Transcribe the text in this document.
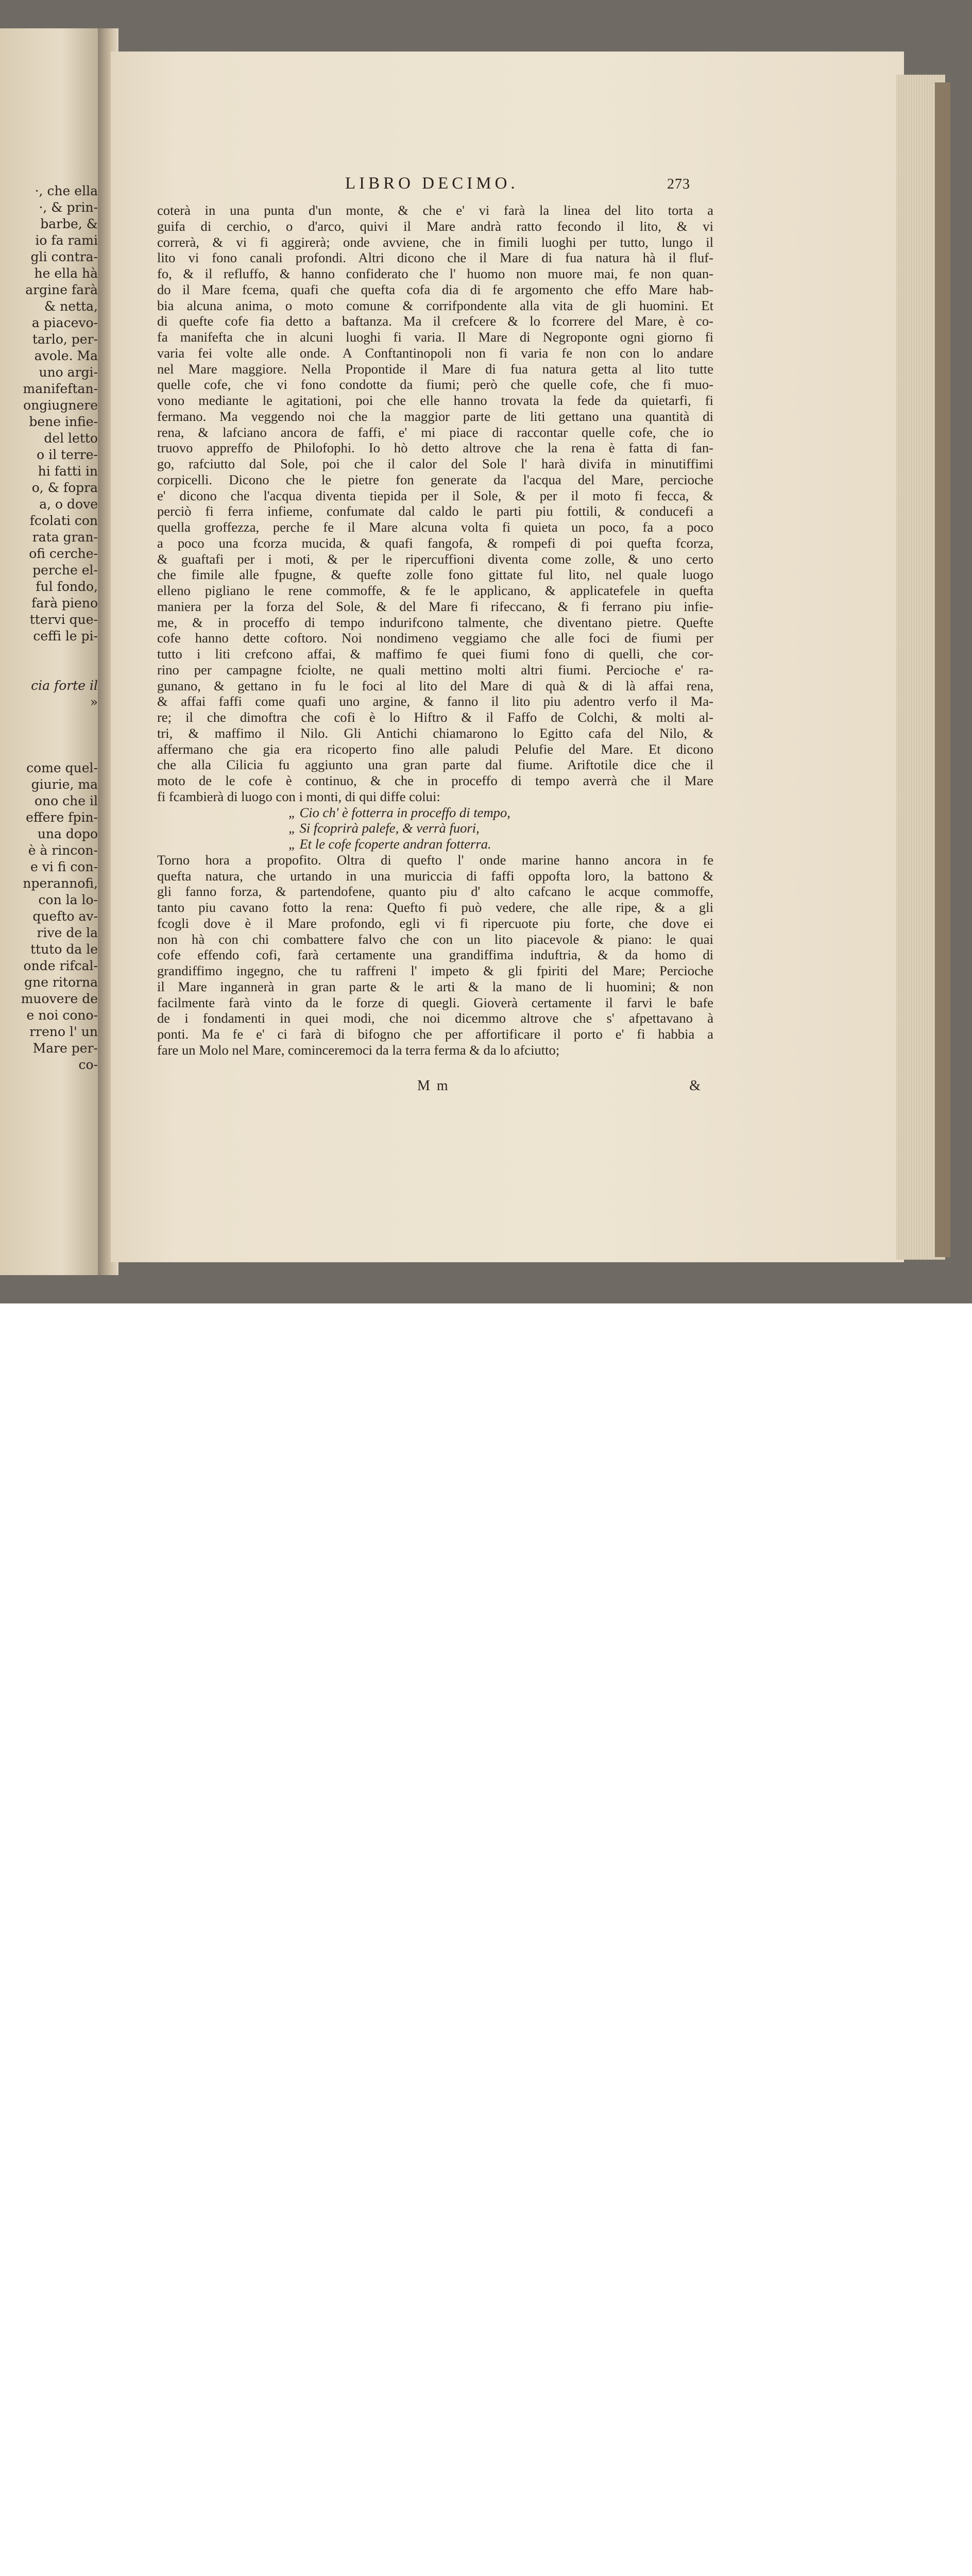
·, che ella
·, & prin-
barbe, &
io fa rami
gli contra-
he ella hà
argine farà
& netta,
a piacevo-
tarlo, per-
avole. Ma
uno argi-
manifeftan-
ongiugnere
bene infie-
del letto
o il terre-
hi fatti in
o, & fopra
a, o dove
fcolati con
rata gran-
ofi cerche-
perche el-
ful fondo,
farà pieno
ttervi que-
ceffi le pi-
cia forte il
»
come quel-
giurie, ma
ono che il
effere fpin-
una dopo
è à rincon-
e vi fi con-
nperannofi,
con la lo-
quefto av-
rive de la
ttuto da le
onde rifcal-
gne ritorna
muovere de
e noi cono-
rreno l' un
Mare per-
co-
LIBRO DECIMO.	273
coterà in una punta d'un monte, & che e' vi farà la linea del lito torta a
guifa di cerchio, o d'arco, quivi il Mare andrà ratto fecondo il lito, & vi
correrà, & vi fi aggirerà; onde avviene, che in fimili luoghi per tutto, lungo il
lito vi fono canali profondi. Altri dicono che il Mare di fua natura hà il fluf-
fo, & il refluffo, & hanno confiderato che l' huomo non muore mai, fe non quan-
do il Mare fcema, quafi che quefta cofa dia di fe argomento che effo Mare hab-
bia alcuna anima, o moto comune & corrifpondente alla vita de gli huomini. Et
di quefte cofe fia detto a baftanza. Ma il crefcere & lo fcorrere del Mare, è co-
fa manifefta che in alcuni luoghi fi varia. Il Mare di Negroponte ogni giorno fi
varia fei volte alle onde. A Conftantinopoli non fi varia fe non con lo andare
nel Mare maggiore. Nella Propontide il Mare di fua natura getta al lito tutte
quelle cofe, che vi fono condotte da fiumi; però che quelle cofe, che fi muo-
vono mediante le agitationi, poi che elle hanno trovata la fede da quietarfi, fi
fermano. Ma veggendo noi che la maggior parte de liti gettano una quantità di
rena, & lafciano ancora de faffi, e' mi piace di raccontar quelle cofe, che io
truovo appreffo de Philofophi. Io hò detto altrove che la rena è fatta di fan-
go, rafciutto dal Sole, poi che il calor del Sole l' harà divifa in minutiffimi
corpicelli. Dicono che le pietre fon generate da l'acqua del Mare, percioche
e' dicono che l'acqua diventa tiepida per il Sole, & per il moto fi fecca, &
perciò fi ferra infieme, confumate dal caldo le parti piu fottili, & conducefi a
quella groffezza, perche fe il Mare alcuna volta fi quieta un poco, fa a poco
a poco una fcorza mucida, & quafi fangofa, & rompefi di poi quefta fcorza,
& guaftafi per i moti, & per le ripercuffioni diventa come zolle, & uno certo
che fimile alle fpugne, & quefte zolle fono gittate ful lito, nel quale luogo
elleno pigliano le rene commoffe, & fe le applicano, & applicatefele in quefta
maniera per la forza del Sole, & del Mare fi rifeccano, & fi ferrano piu infie-
me, & in proceffo di tempo indurifcono talmente, che diventano pietre. Quefte
cofe hanno dette coftoro. Noi nondimeno veggiamo che alle foci de fiumi per
tutto i liti crefcono affai, & maffimo fe quei fiumi fono di quelli, che cor-
rino per campagne fciolte, ne quali mettino molti altri fiumi. Percioche e' ra-
gunano, & gettano in fu le foci al lito del Mare di quà & di là affai rena,
& affai faffi come quafi uno argine, & fanno il lito piu adentro verfo il Ma-
re; il che dimoftra che cofi è lo Hiftro & il Faffo de Colchi, & molti al-
tri, & maffimo il Nilo. Gli Antichi chiamarono lo Egitto cafa del Nilo, &
affermano che gia era ricoperto fino alle paludi Pelufie del Mare. Et dicono
che alla Cilicia fu aggiunto una gran parte dal fiume. Ariftotile dice che il
moto de le cofe è continuo, & che in proceffo di tempo averrà che il Mare
fi fcambierà di luogo con i monti, di qui diffe colui:
„ Cio ch' è fotterra in proceffo di tempo,
„ Si fcoprirà palefe, & verrà fuori,
„ Et le cofe fcoperte andran fotterra.
Torno hora a propofito. Oltra di quefto l' onde marine hanno ancora in fe
quefta natura, che urtando in una muriccia di faffi oppofta loro, la battono &
gli fanno forza, & partendofene, quanto piu d' alto cafcano le acque commoffe,
tanto piu cavano fotto la rena: Quefto fi può vedere, che alle ripe, & a gli
fcogli dove è il Mare profondo, egli vi fi ripercuote piu forte, che dove ei
non hà con chi combattere falvo che con un lito piacevole & piano: le quai
cofe effendo cofi, farà certamente una grandiffima induftria, & da homo di
grandiffimo ingegno, che tu raffreni l' impeto & gli fpiriti del Mare; Percioche
il Mare ingannerà in gran parte & le arti & la mano de li huomini; & non
facilmente farà vinto da le forze di quegli. Gioverà certamente il farvi le bafe
de i fondamenti in quei modi, che noi dicemmo altrove che s' afpettavano à
ponti. Ma fe e' ci farà di bifogno che per affortificare il porto e' fi habbia a
fare un Molo nel Mare, cominceremoci da la terra ferma & da lo afciutto;
M m	&
